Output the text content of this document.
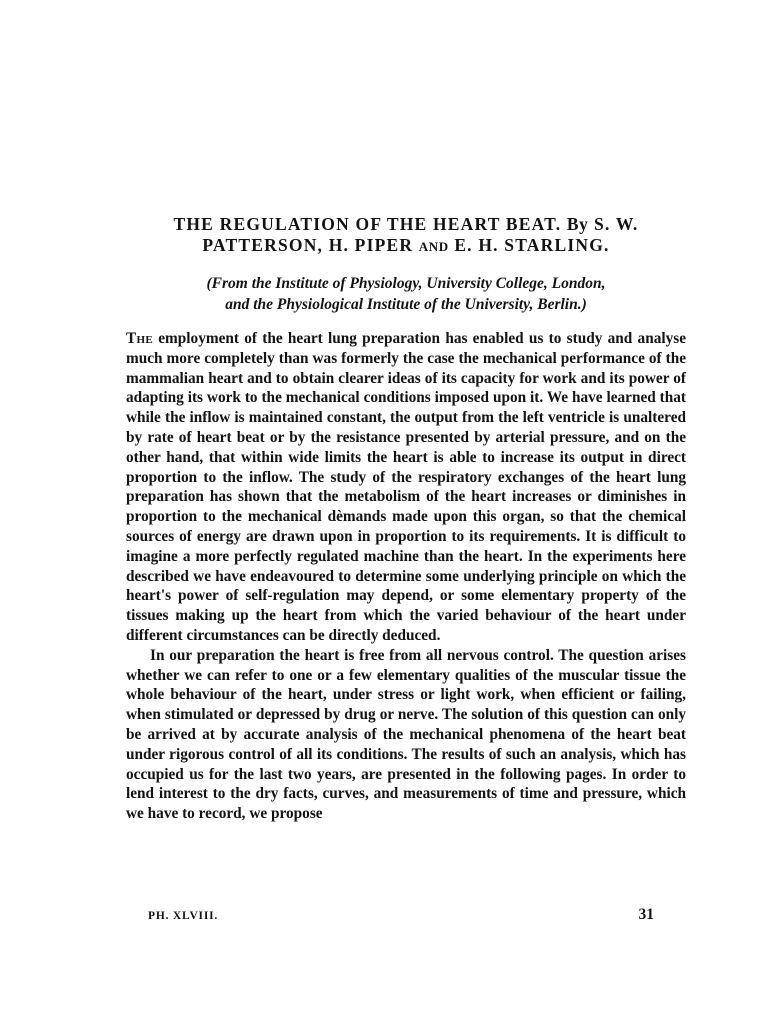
THE REGULATION OF THE HEART BEAT. By S. W. PATTERSON, H. PIPER AND E. H. STARLING.
(From the Institute of Physiology, University College, London,
and the Physiological Institute of the University, Berlin.)

The employment of the heart lung preparation has enabled us to study and analyse much more completely than was formerly the case the mechanical performance of the mammalian heart and to obtain clearer ideas of its capacity for work and its power of adapting its work to the mechanical conditions imposed upon it. We have learned that while the inflow is maintained constant, the output from the left ventricle is unaltered by rate of heart beat or by the resistance presented by arterial pressure, and on the other hand, that within wide limits the heart is able to increase its output in direct proportion to the inflow. The study of the respiratory exchanges of the heart lung preparation has shown that the metabolism of the heart increases or diminishes in proportion to the mechanical dèmands made upon this organ, so that the chemical sources of energy are drawn upon in proportion to its requirements. It is difficult to imagine a more perfectly regulated machine than the heart. In the experiments here described we have endeavoured to determine some underlying principle on which the heart's power of self-regulation may depend, or some elementary property of the tissues making up the heart from which the varied behaviour of the heart under different circumstances can be directly deduced.

In our preparation the heart is free from all nervous control. The question arises whether we can refer to one or a few elementary qualities of the muscular tissue the whole behaviour of the heart, under stress or light work, when efficient or failing, when stimulated or depressed by drug or nerve. The solution of this question can only be arrived at by accurate analysis of the mechanical phenomena of the heart beat under rigorous control of all its conditions. The results of such an analysis, which has occupied us for the last two years, are presented in the following pages. In order to lend interest to the dry facts, curves, and measurements of time and pressure, which we have to record, we propose

PH. XLVIII.	31
